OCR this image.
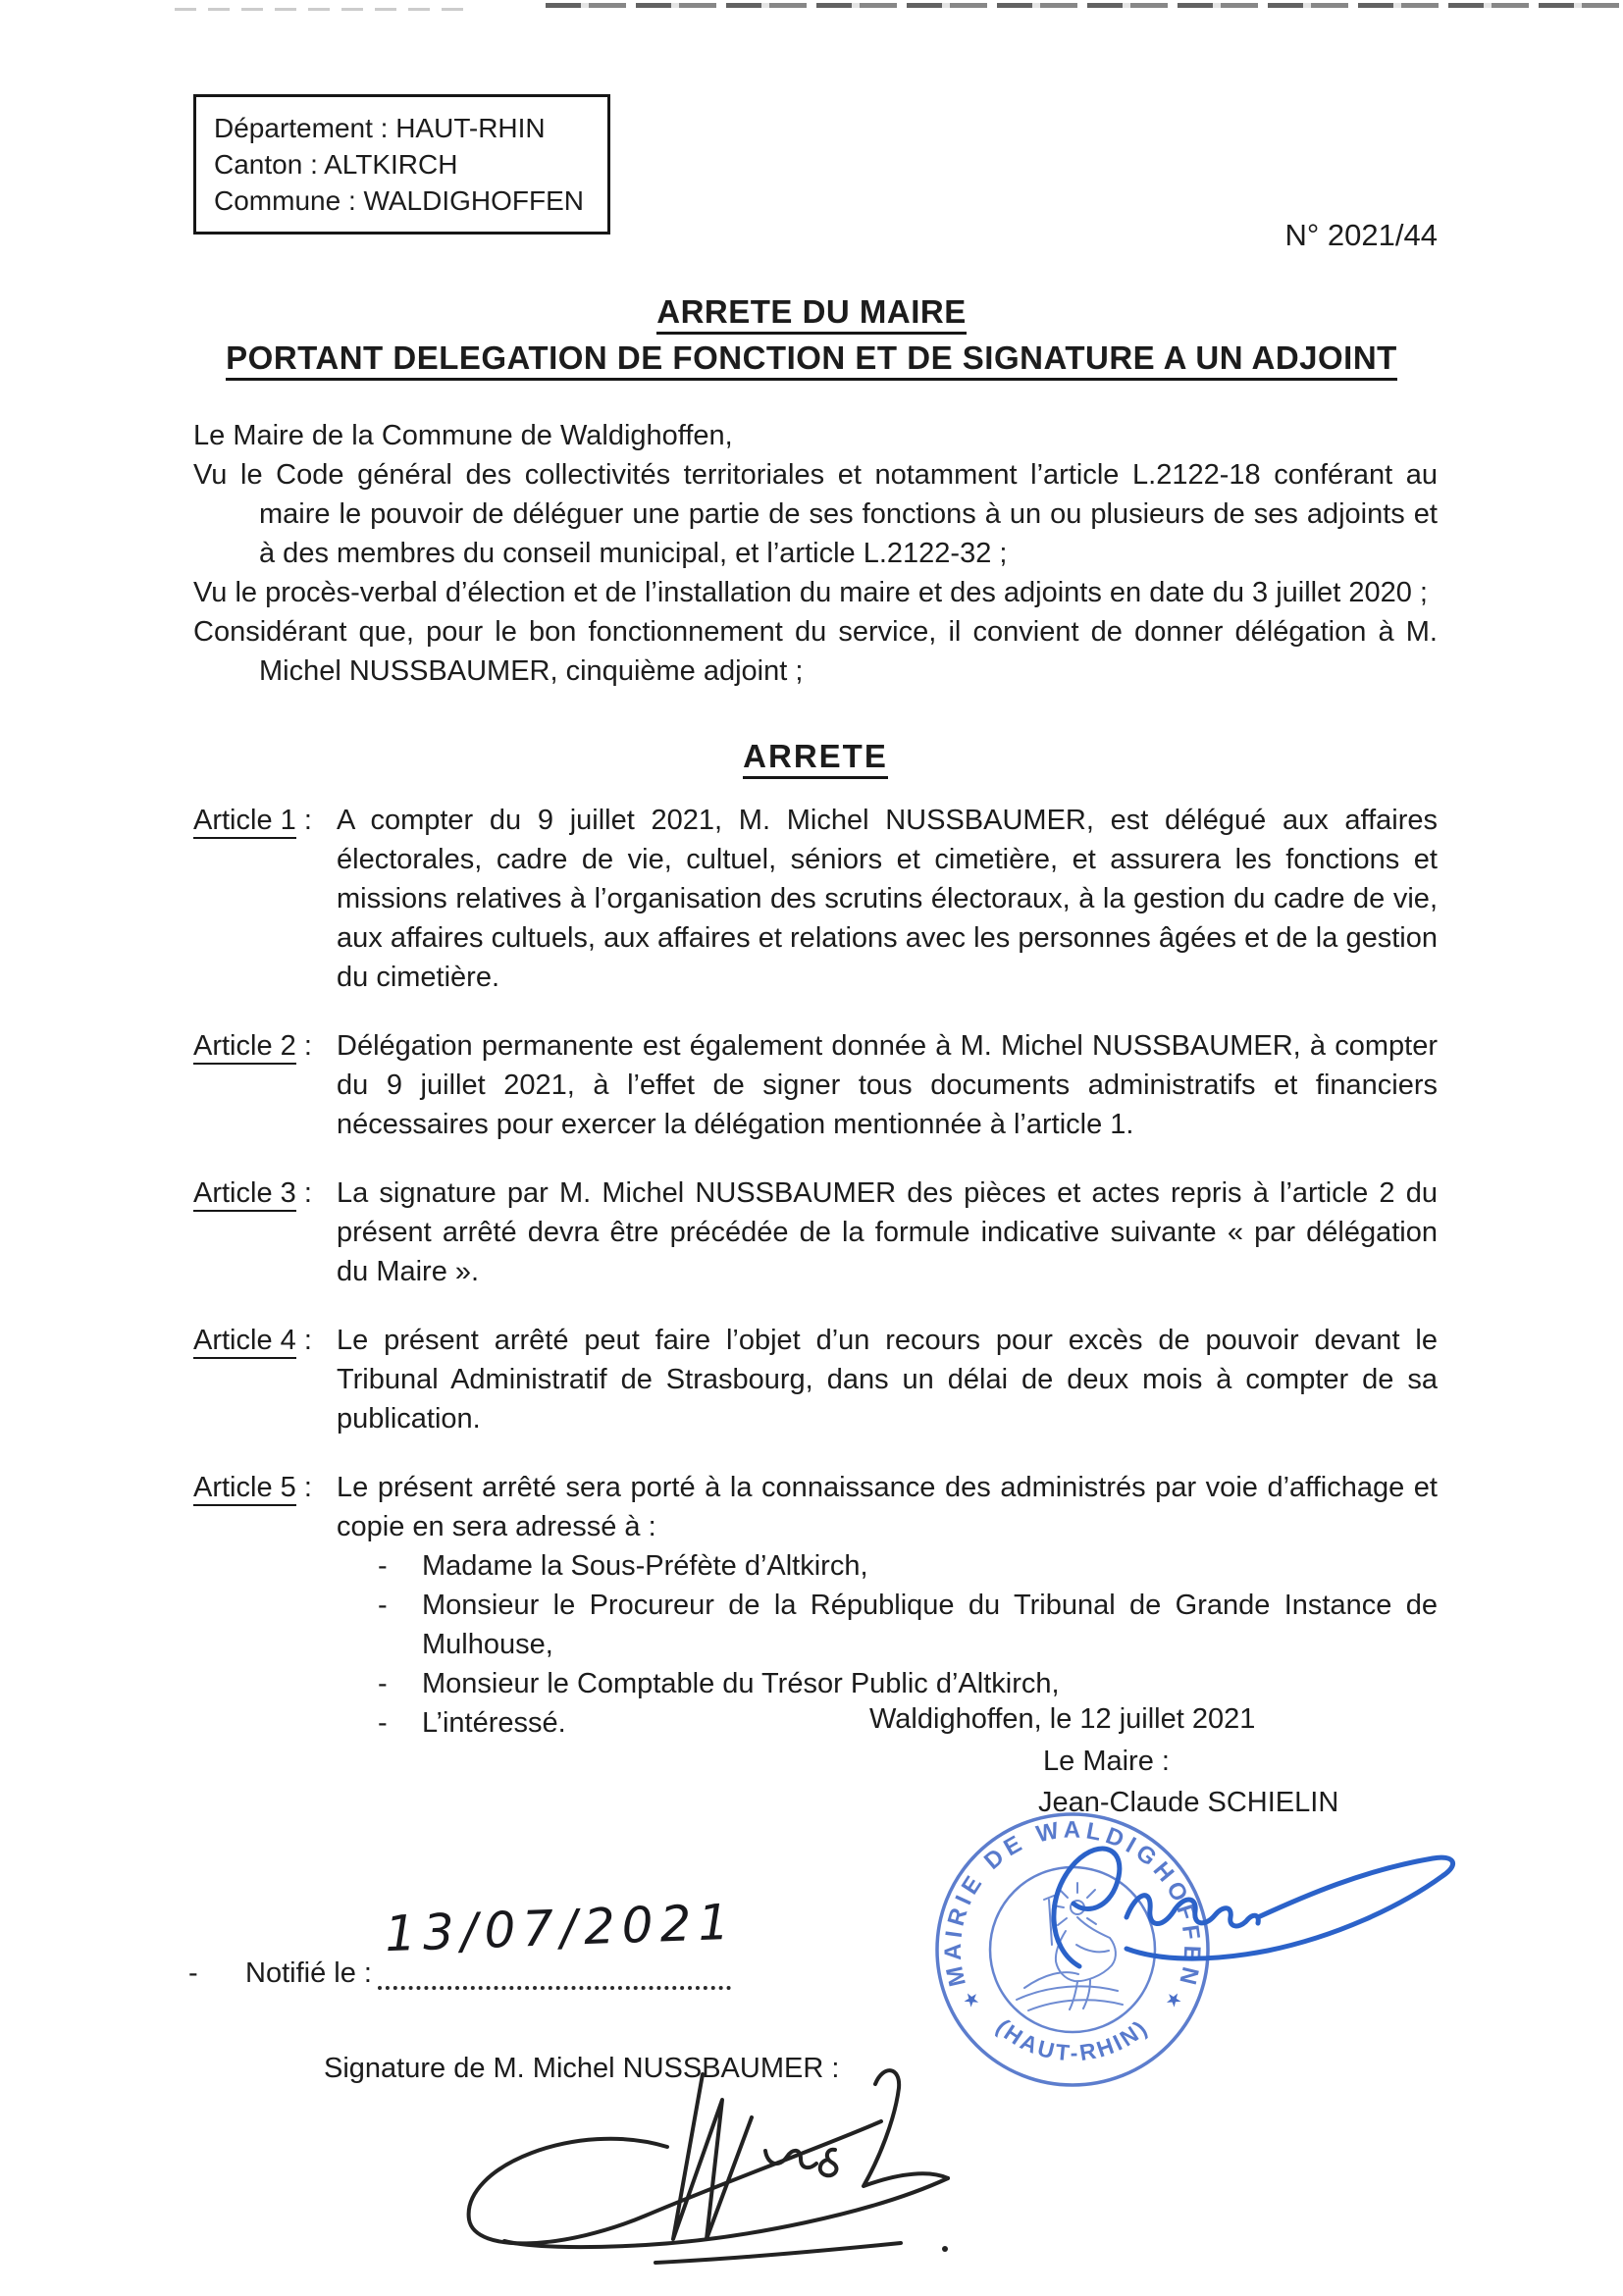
Département : HAUT-RHIN
Canton : ALTKIRCH
Commune : WALDIGHOFFEN
N° 2021/44
ARRETE DU MAIRE
PORTANT DELEGATION DE FONCTION ET DE SIGNATURE A UN ADJOINT

Le Maire de la Commune de Waldighoffen,

Vu le Code général des collectivités territoriales et notamment l’article L.2122-18 conférant au maire le pouvoir de déléguer une partie de ses fonctions à un ou plusieurs de ses adjoints et à des membres du conseil municipal, et l’article L.2122-32 ;

Vu le procès-verbal d’élection et de l’installation du maire et des adjoints en date du 3 juillet 2020 ;

Considérant que, pour le bon fonctionnement du service, il convient de donner délégation à M. Michel NUSSBAUMER, cinquième adjoint ;

ARRETE
Article 1 : A compter du 9 juillet 2021, M. Michel NUSSBAUMER, est délégué aux affaires électorales, cadre de vie, cultuel, séniors et cimetière, et assurera les fonctions et missions relatives à l’organisation des scrutins électoraux, à la gestion du cadre de vie, aux affaires cultuels, aux affaires et relations avec les personnes âgées et de la gestion du cimetière.

Article 2 : Délégation permanente est également donnée à M. Michel NUSSBAUMER, à compter du 9 juillet 2021, à l’effet de signer tous documents administratifs et financiers nécessaires pour exercer la délégation mentionnée à l’article 1.

Article 3 : La signature par M. Michel NUSSBAUMER des pièces et actes repris à l’article 2 du présent arrêté devra être précédée de la formule indicative suivante « par délégation du Maire ».

Article 4 : Le présent arrêté peut faire l’objet d’un recours pour excès de pouvoir devant le Tribunal Administratif de Strasbourg, dans un délai de deux mois à compter de sa publication.

Article 5 : Le présent arrêté sera porté à la connaissance des administrés par voie d’affichage et copie en sera adressé à :

-	Madame la Sous-Préfète d’Altkirch,
-	Monsieur le Procureur de la République du Tribunal de Grande Instance de Mulhouse,
-	Monsieur le Comptable du Trésor Public d’Altkirch,
-	L’intéressé.	Waldighoffen, le 12 juillet 2021
Le Maire :
Jean-Claude SCHIELIN
MAIRIE DE WALDIGHOFFEN
(HAUT-RHIN)
★	★
-	Notifié le :
13/07/2021
Signature de M. Michel NUSSBAUMER :
